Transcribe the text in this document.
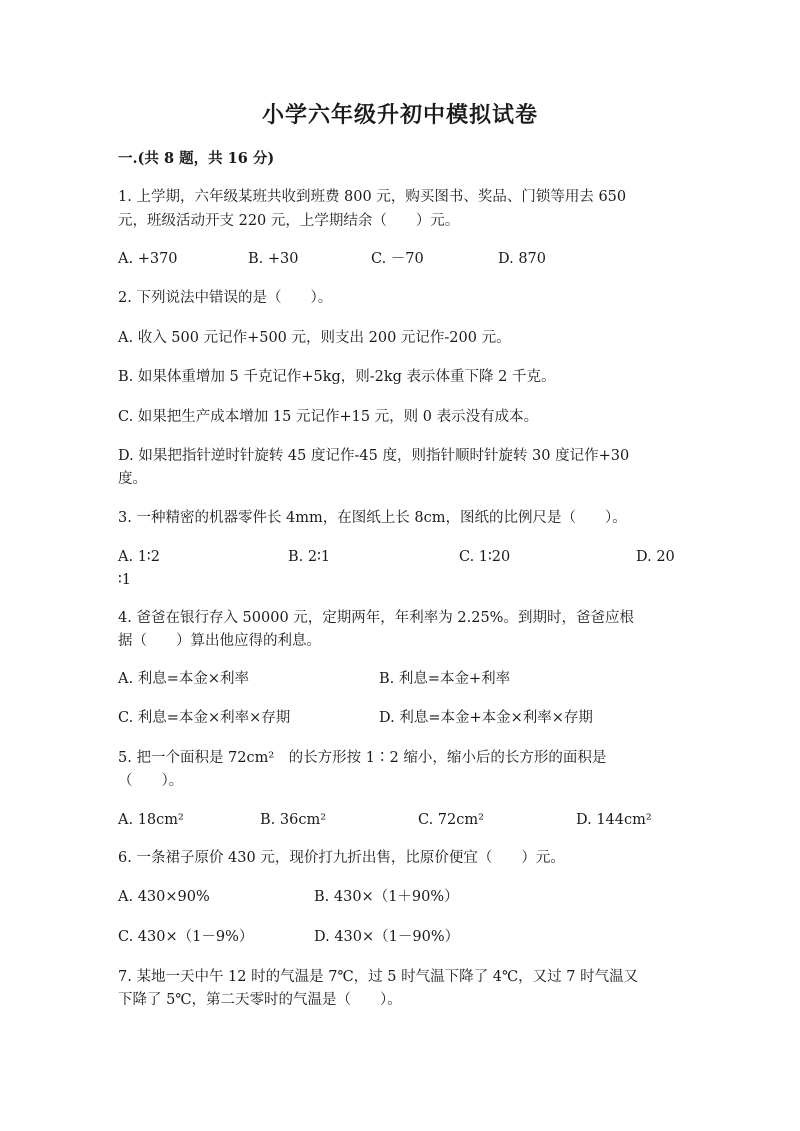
小学六年级升初中模拟试卷
一.(共 8 题，共 16 分)
1. 上学期，六年级某班共收到班费 800 元，购买图书、奖品、门锁等用去 650
元，班级活动开支 220 元，上学期结余（　　）元。
A. +370	B. +30	C. －70	D. 870
2. 下列说法中错误的是（　　）。
A. 收入 500 元记作+500 元，则支出 200 元记作-200 元。
B. 如果体重增加 5 千克记作+5kg，则-2kg 表示体重下降 2 千克。
C. 如果把生产成本增加 15 元记作+15 元，则 0 表示没有成本。
D. 如果把指针逆时针旋转 45 度记作-45 度，则指针顺时针旋转 30 度记作+30
度。
3. 一种精密的机器零件长 4mm，在图纸上长 8cm，图纸的比例尺是（　　）。
A. 1∶2	B. 2∶1	C. 1∶20	D. 20
∶1
4. 爸爸在银行存入 50000 元，定期两年，年利率为 2.25%。到期时，爸爸应根
据（　　）算出他应得的利息。
A. 利息=本金×利率	B. 利息=本金+利率
C. 利息=本金×利率×存期	D. 利息=本金+本金×利率×存期
5. 把一个面积是 72cm²　的长方形按 1∶2 缩小，缩小后的长方形的面积是
（　　）。
A. 18cm²	B. 36cm²	C. 72cm²	D. 144cm²
6. 一条裙子原价 430 元，现价打九折出售，比原价便宜（　　）元。
A. 430×90%	B. 430×（1＋90%）
C. 430×（1－9%）	D. 430×（1－90%）
7. 某地一天中午 12 时的气温是 7℃，过 5 时气温下降了 4℃，又过 7 时气温又
下降了 5℃，第二天零时的气温是（　　）。
